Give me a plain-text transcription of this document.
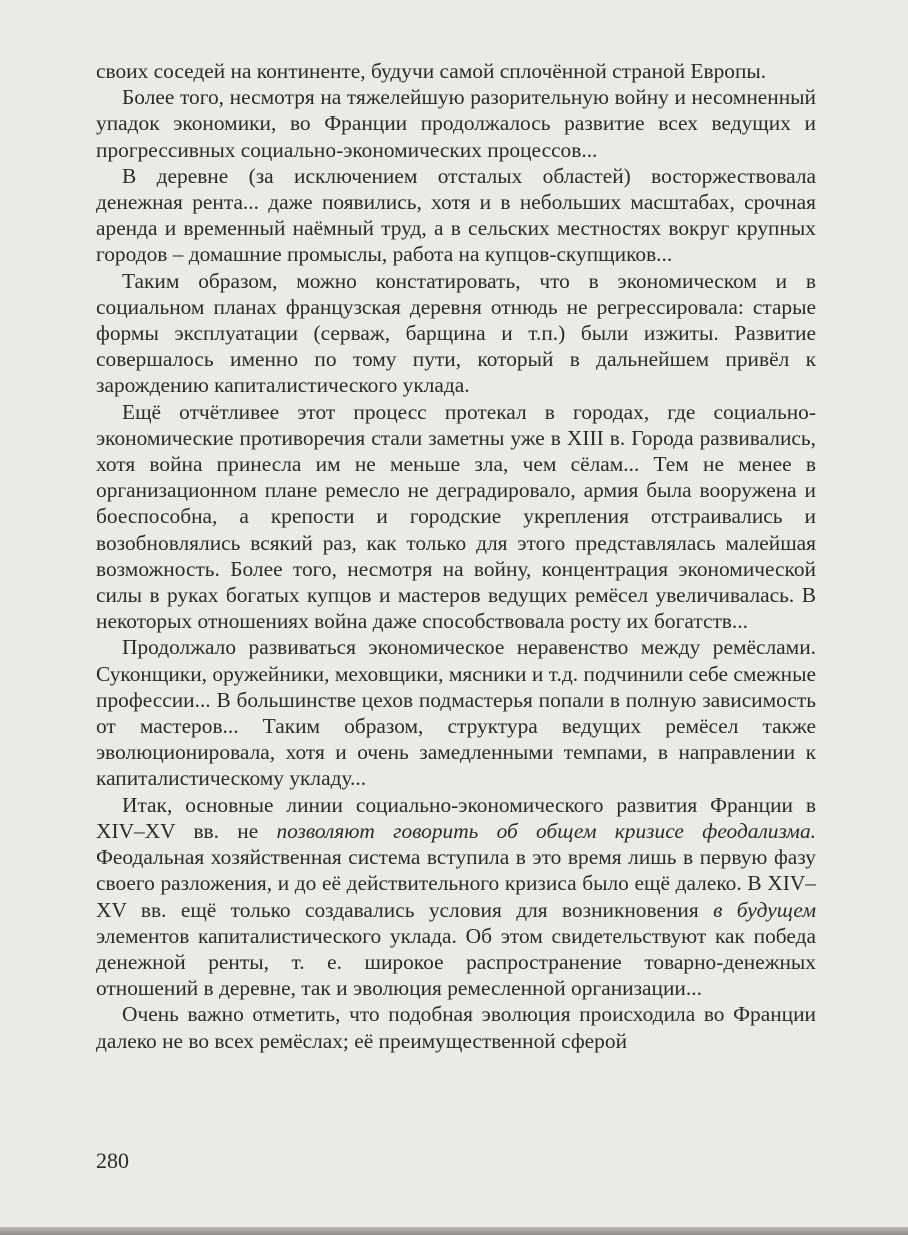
своих соседей на континенте, будучи самой сплочённой страной Европы.

Более того, несмотря на тяжелейшую разорительную войну и несомненный упадок экономики, во Франции продолжалось развитие всех ведущих и прогрессивных социально-экономических процессов...

В деревне (за исключением отсталых областей) восторжествовала денежная рента... даже появились, хотя и в небольших масштабах, срочная аренда и временный наёмный труд, а в сельских местностях вокруг крупных городов – домашние промыслы, работа на купцов-скупщиков...

Таким образом, можно констатировать, что в экономическом и в социальном планах французская деревня отнюдь не регрессировала: старые формы эксплуатации (серваж, барщина и т.п.) были изжиты. Развитие совершалось именно по тому пути, который в дальнейшем привёл к зарождению капиталистического уклада.

Ещё отчётливее этот процесс протекал в городах, где социально-экономические противоречия стали заметны уже в XIII в. Города развивались, хотя война принесла им не меньше зла, чем сёлам... Тем не менее в организационном плане ремесло не деградировало, армия была вооружена и боеспособна, а крепости и городские укрепления отстраивались и возобновлялись всякий раз, как только для этого представлялась малейшая возможность. Более того, несмотря на войну, концентрация экономической силы в руках богатых купцов и мастеров ведущих ремёсел увеличивалась. В некоторых отношениях война даже способствовала росту их богатств...

Продолжало развиваться экономическое неравенство между ремёслами. Суконщики, оружейники, меховщики, мясники и т.д. подчинили себе смежные профессии... В большинстве цехов подмастерья попали в полную зависимость от мастеров... Таким образом, структура ведущих ремёсел также эволюционировала, хотя и очень замедленными темпами, в направлении к капиталистическому укладу...

Итак, основные линии социально-экономического развития Франции в XIV–XV вв. не позволяют говорить об общем кризисе феодализма. Феодальная хозяйственная система вступила в это время лишь в первую фазу своего разложения, и до её действительного кризиса было ещё далеко. В XIV–XV вв. ещё только создавались условия для возникновения в будущем элементов капиталистического уклада. Об этом свидетельствуют как победа денежной ренты, т. е. широкое распространение товарно-денежных отношений в деревне, так и эволюция ремесленной организации...

Очень важно отметить, что подобная эволюция происходила во Франции далеко не во всех ремёслах; её преимущественной сферой

280
